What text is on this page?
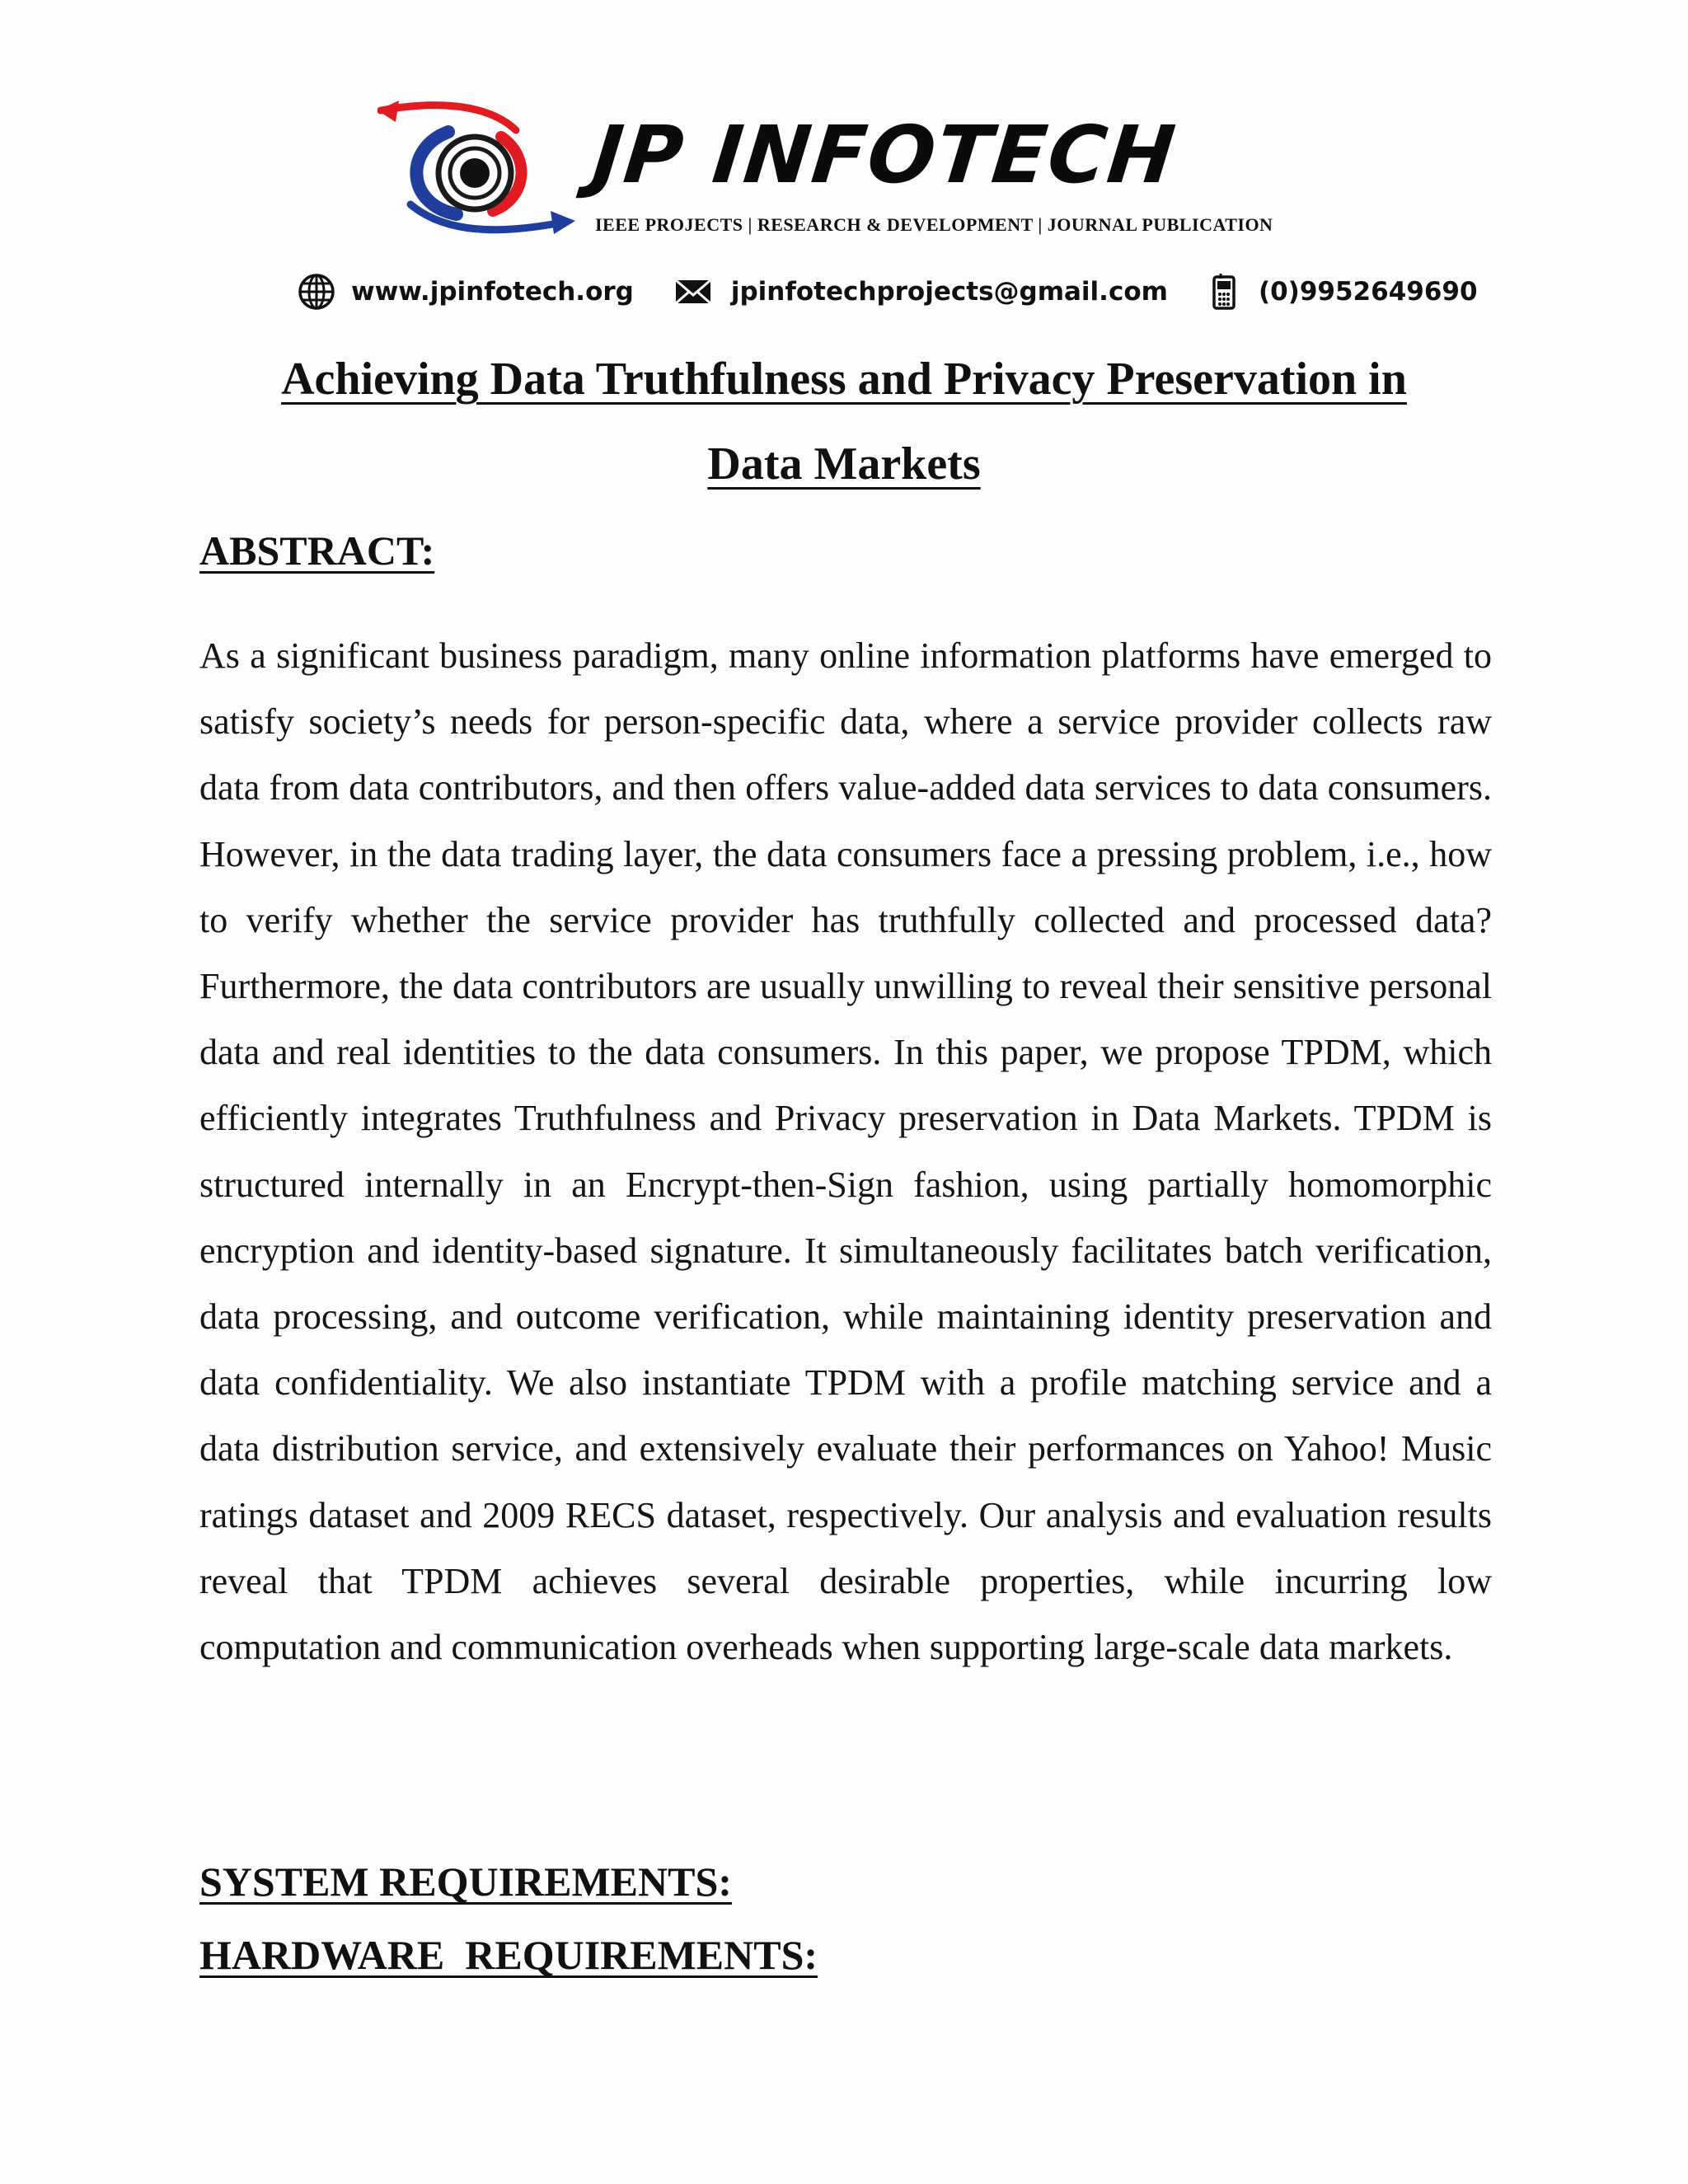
JP INFOTECH
IEEE PROJECTS | RESEARCH & DEVELOPMENT | JOURNAL PUBLICATION
www.jpinfotech.org	jpinfotechprojects@gmail.com	(0)9952649690
Achieving Data Truthfulness and Privacy Preservation in
Data Markets
ABSTRACT:
As a significant business paradigm, many online information platforms have emerged to satisfy society’s needs for person-specific data, where a service provider collects raw data from data contributors, and then offers value-added data services to data consumers. However, in the data trading layer, the data consumers face a pressing problem, i.e., how to verify whether the service provider has truthfully collected and processed data? Furthermore, the data contributors are usually unwilling to reveal their sensitive personal data and real identities to the data consumers. In this paper, we propose TPDM, which efficiently integrates Truthfulness and Privacy preservation in Data Markets. TPDM is structured internally in an Encrypt-then-Sign fashion, using partially homomorphic encryption and identity-based signature. It simultaneously facilitates batch verification, data processing, and outcome verification, while maintaining identity preservation and data confidentiality. We also instantiate TPDM with a profile matching service and a data distribution service, and extensively evaluate their performances on Yahoo! Music ratings dataset and 2009 RECS dataset, respectively. Our analysis and evaluation results reveal that TPDM achieves several desirable properties, while incurring low computation and communication overheads when supporting large-scale data markets.
SYSTEM REQUIREMENTS:
HARDWARE  REQUIREMENTS:
